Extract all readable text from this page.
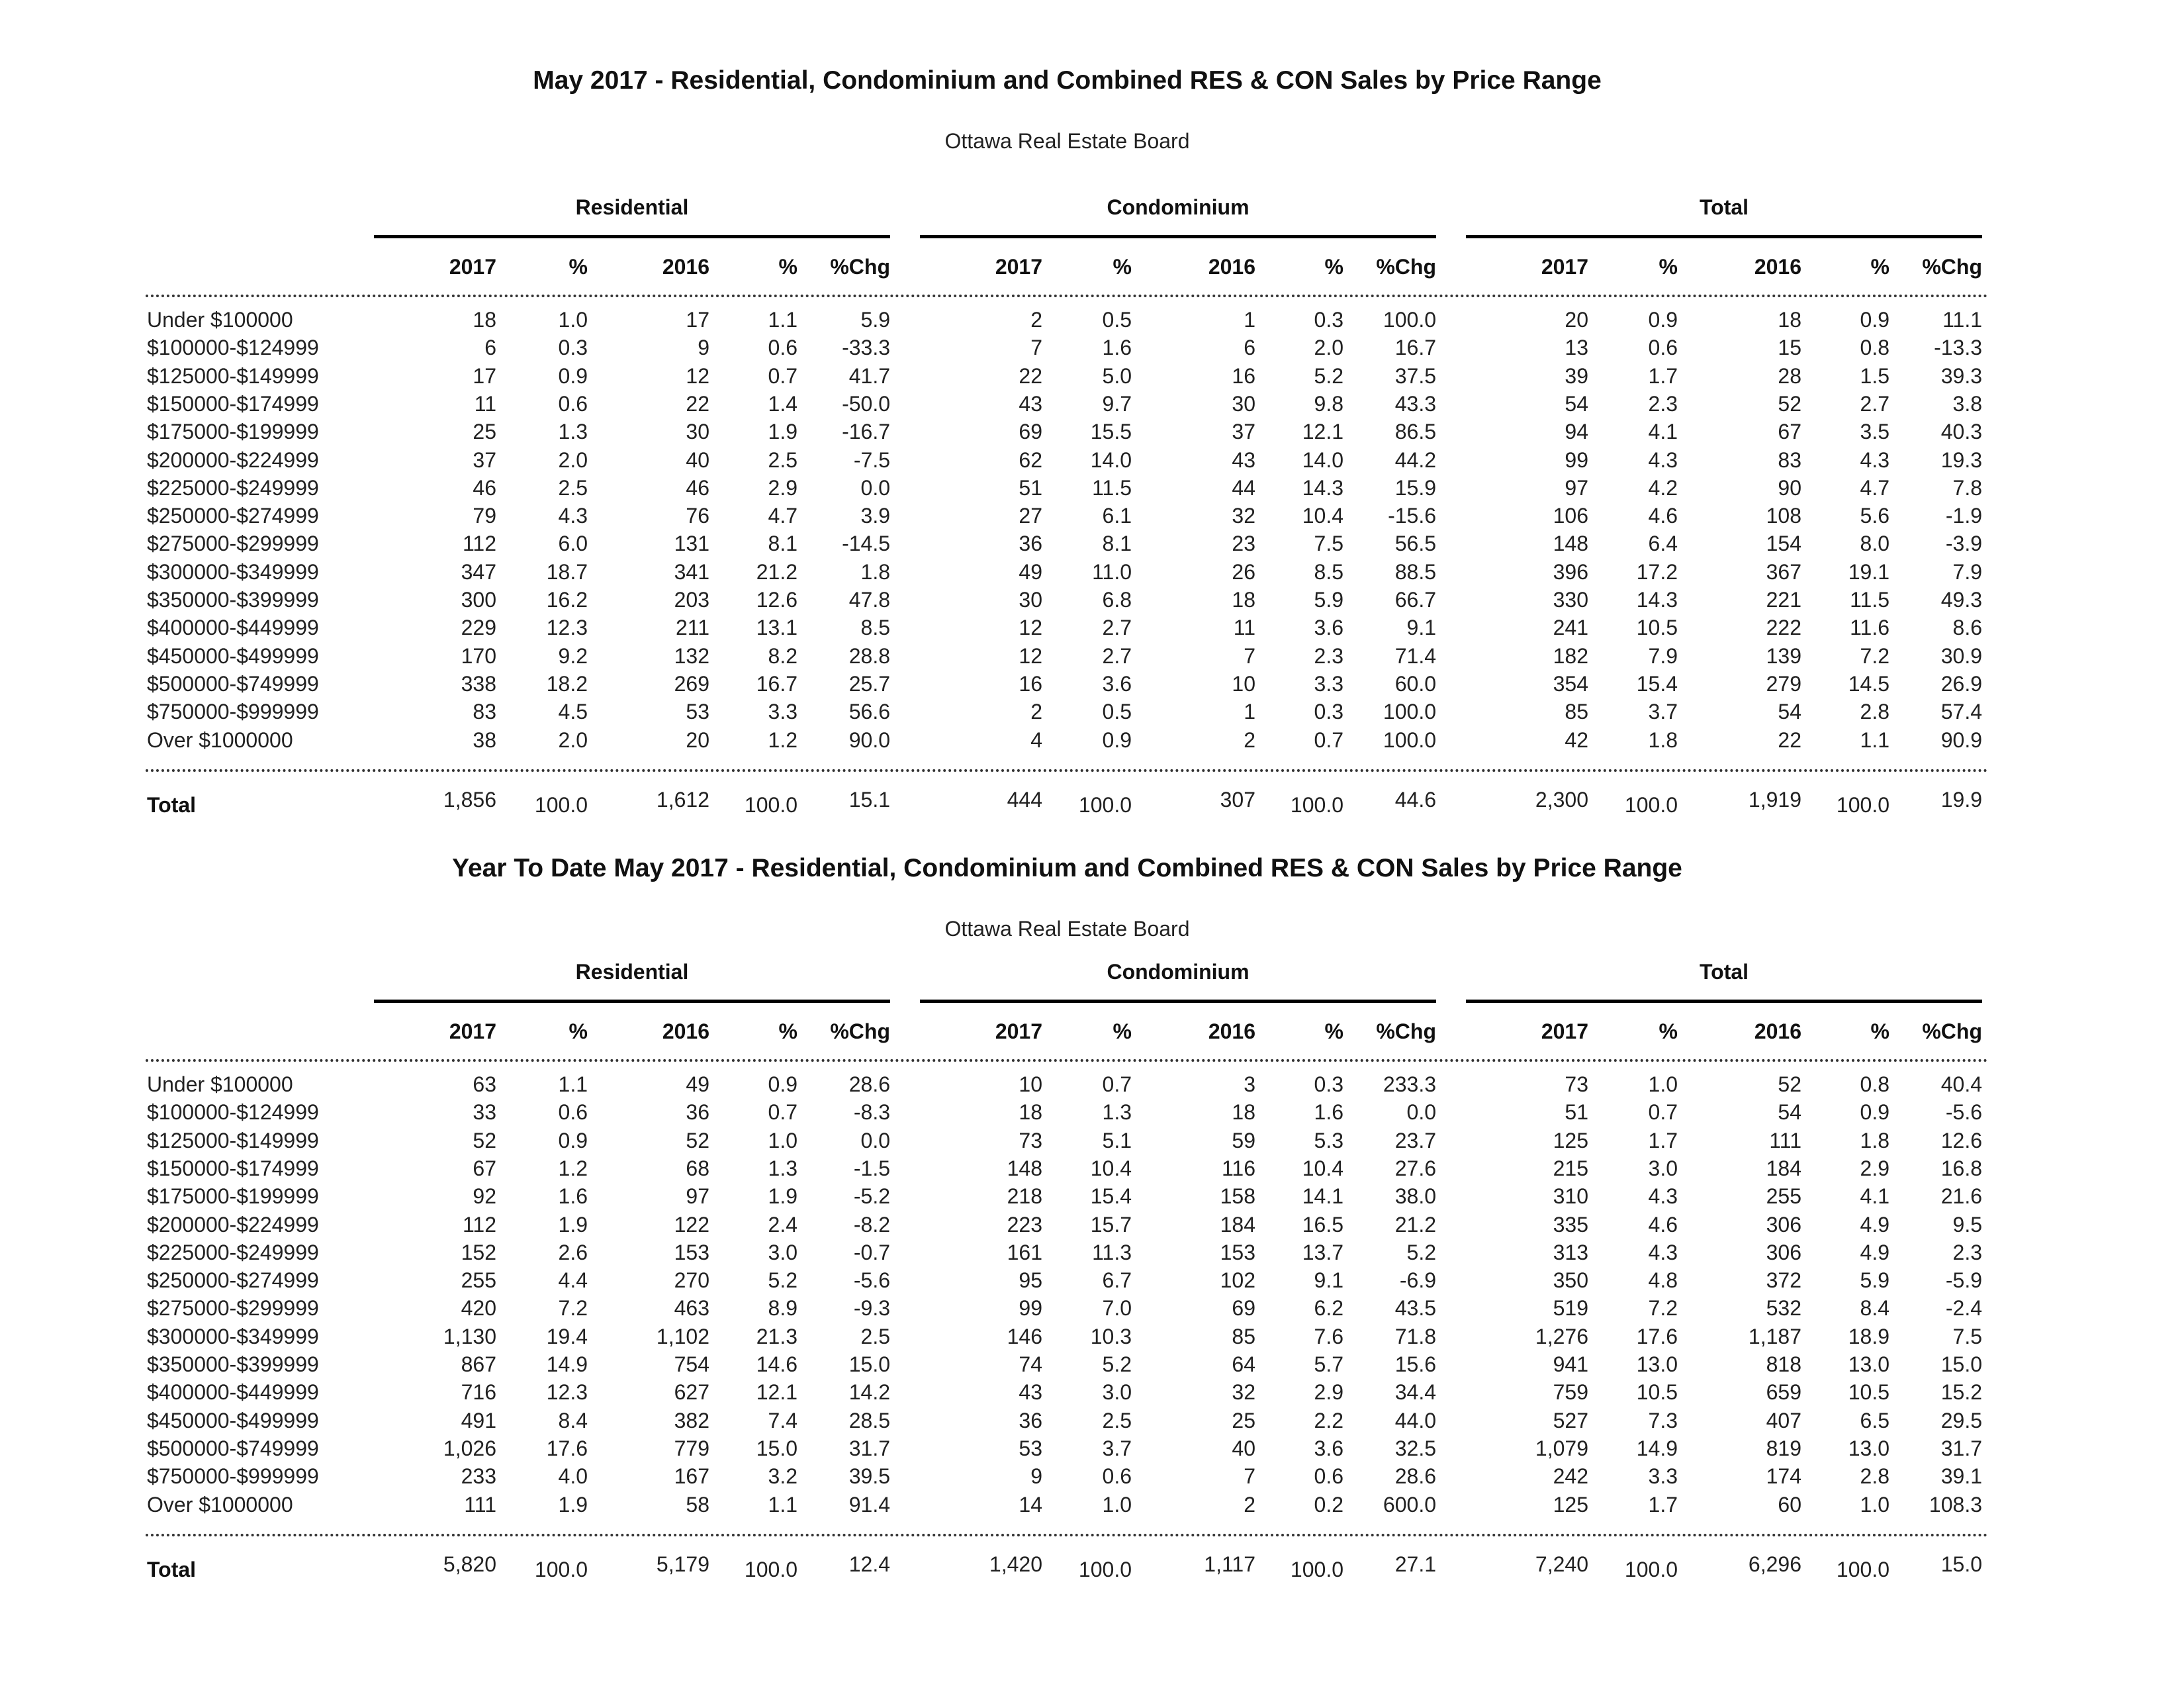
May 2017 - Residential, Condominium and Combined RES & CON Sales by Price Range
Ottawa Real Estate Board
Residential
2017	%	2016	%	%Chg
Condominium
2017	%	2016	%	%Chg
Total
2017	%	2016	%	%Chg
Under $100000	18	1.0	17	1.1	5.9	2	0.5	1	0.3	100.0	20	0.9	18	0.9	11.1
$100000-$124999	6	0.3	9	0.6	-33.3	7	1.6	6	2.0	16.7	13	0.6	15	0.8	-13.3
$125000-$149999	17	0.9	12	0.7	41.7	22	5.0	16	5.2	37.5	39	1.7	28	1.5	39.3
$150000-$174999	11	0.6	22	1.4	-50.0	43	9.7	30	9.8	43.3	54	2.3	52	2.7	3.8
$175000-$199999	25	1.3	30	1.9	-16.7	69	15.5	37	12.1	86.5	94	4.1	67	3.5	40.3
$200000-$224999	37	2.0	40	2.5	-7.5	62	14.0	43	14.0	44.2	99	4.3	83	4.3	19.3
$225000-$249999	46	2.5	46	2.9	0.0	51	11.5	44	14.3	15.9	97	4.2	90	4.7	7.8
$250000-$274999	79	4.3	76	4.7	3.9	27	6.1	32	10.4	-15.6	106	4.6	108	5.6	-1.9
$275000-$299999	112	6.0	131	8.1	-14.5	36	8.1	23	7.5	56.5	148	6.4	154	8.0	-3.9
$300000-$349999	347	18.7	341	21.2	1.8	49	11.0	26	8.5	88.5	396	17.2	367	19.1	7.9
$350000-$399999	300	16.2	203	12.6	47.8	30	6.8	18	5.9	66.7	330	14.3	221	11.5	49.3
$400000-$449999	229	12.3	211	13.1	8.5	12	2.7	11	3.6	9.1	241	10.5	222	11.6	8.6
$450000-$499999	170	9.2	132	8.2	28.8	12	2.7	7	2.3	71.4	182	7.9	139	7.2	30.9
$500000-$749999	338	18.2	269	16.7	25.7	16	3.6	10	3.3	60.0	354	15.4	279	14.5	26.9
$750000-$999999	83	4.5	53	3.3	56.6	2	0.5	1	0.3	100.0	85	3.7	54	2.8	57.4
Over $1000000	38	2.0	20	1.2	90.0	4	0.9	2	0.7	100.0	42	1.8	22	1.1	90.9
Total	1,856	100.0	1,612	100.0	15.1	444	100.0	307	100.0	44.6	2,300	100.0	1,919	100.0	19.9
Year To Date May 2017 - Residential, Condominium and Combined RES & CON Sales by Price Range
Ottawa Real Estate Board
Residential
2017	%	2016	%	%Chg
Condominium
2017	%	2016	%	%Chg
Total
2017	%	2016	%	%Chg
Under $100000	63	1.1	49	0.9	28.6	10	0.7	3	0.3	233.3	73	1.0	52	0.8	40.4
$100000-$124999	33	0.6	36	0.7	-8.3	18	1.3	18	1.6	0.0	51	0.7	54	0.9	-5.6
$125000-$149999	52	0.9	52	1.0	0.0	73	5.1	59	5.3	23.7	125	1.7	111	1.8	12.6
$150000-$174999	67	1.2	68	1.3	-1.5	148	10.4	116	10.4	27.6	215	3.0	184	2.9	16.8
$175000-$199999	92	1.6	97	1.9	-5.2	218	15.4	158	14.1	38.0	310	4.3	255	4.1	21.6
$200000-$224999	112	1.9	122	2.4	-8.2	223	15.7	184	16.5	21.2	335	4.6	306	4.9	9.5
$225000-$249999	152	2.6	153	3.0	-0.7	161	11.3	153	13.7	5.2	313	4.3	306	4.9	2.3
$250000-$274999	255	4.4	270	5.2	-5.6	95	6.7	102	9.1	-6.9	350	4.8	372	5.9	-5.9
$275000-$299999	420	7.2	463	8.9	-9.3	99	7.0	69	6.2	43.5	519	7.2	532	8.4	-2.4
$300000-$349999	1,130	19.4	1,102	21.3	2.5	146	10.3	85	7.6	71.8	1,276	17.6	1,187	18.9	7.5
$350000-$399999	867	14.9	754	14.6	15.0	74	5.2	64	5.7	15.6	941	13.0	818	13.0	15.0
$400000-$449999	716	12.3	627	12.1	14.2	43	3.0	32	2.9	34.4	759	10.5	659	10.5	15.2
$450000-$499999	491	8.4	382	7.4	28.5	36	2.5	25	2.2	44.0	527	7.3	407	6.5	29.5
$500000-$749999	1,026	17.6	779	15.0	31.7	53	3.7	40	3.6	32.5	1,079	14.9	819	13.0	31.7
$750000-$999999	233	4.0	167	3.2	39.5	9	0.6	7	0.6	28.6	242	3.3	174	2.8	39.1
Over $1000000	111	1.9	58	1.1	91.4	14	1.0	2	0.2	600.0	125	1.7	60	1.0	108.3
Total	5,820	100.0	5,179	100.0	12.4	1,420	100.0	1,117	100.0	27.1	7,240	100.0	6,296	100.0	15.0
